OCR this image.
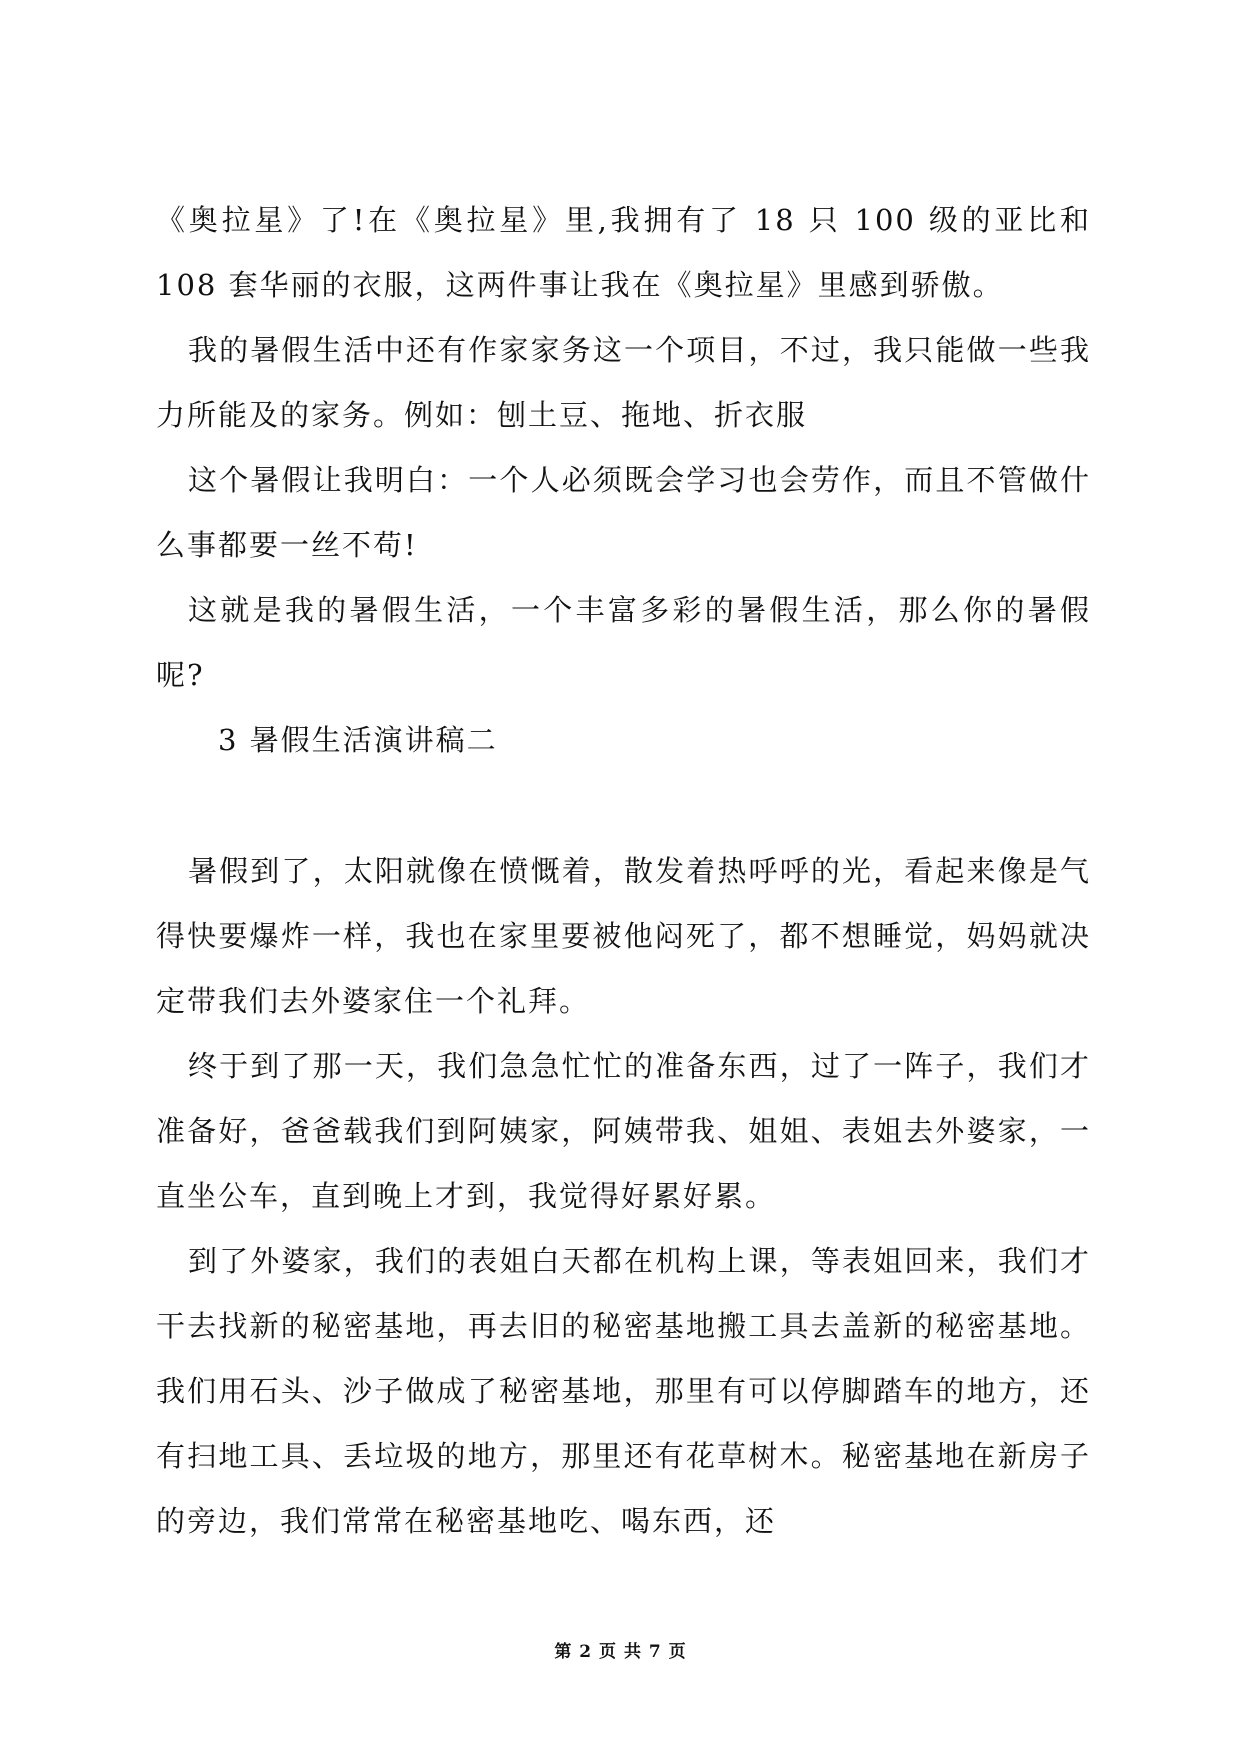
《奥拉星》了!在《奥拉星》里,我拥有了 18 只 100 级的亚比和 108 套华丽的衣服，这两件事让我在《奥拉星》里感到骄傲。

我的暑假生活中还有作家家务这一个项目，不过，我只能做一些我力所能及的家务。例如：刨土豆、拖地、折衣服

这个暑假让我明白：一个人必须既会学习也会劳作，而且不管做什么事都要一丝不苟!

这就是我的暑假生活，一个丰富多彩的暑假生活，那么你的暑假呢?

3 暑假生活演讲稿二

暑假到了，太阳就像在愤慨着，散发着热呼呼的光，看起来像是气得快要爆炸一样，我也在家里要被他闷死了，都不想睡觉，妈妈就决定带我们去外婆家住一个礼拜。

终于到了那一天，我们急急忙忙的准备东西，过了一阵子，我们才准备好，爸爸载我们到阿姨家，阿姨带我、姐姐、表姐去外婆家，一直坐公车，直到晚上才到，我觉得好累好累。

到了外婆家，我们的表姐白天都在机构上课，等表姐回来，我们才干去找新的秘密基地，再去旧的秘密基地搬工具去盖新的秘密基地。我们用石头、沙子做成了秘密基地，那里有可以停脚踏车的地方，还有扫地工具、丢垃圾的地方，那里还有花草树木。秘密基地在新房子的旁边，我们常常在秘密基地吃、喝东西，还

第 2 页 共 7 页
